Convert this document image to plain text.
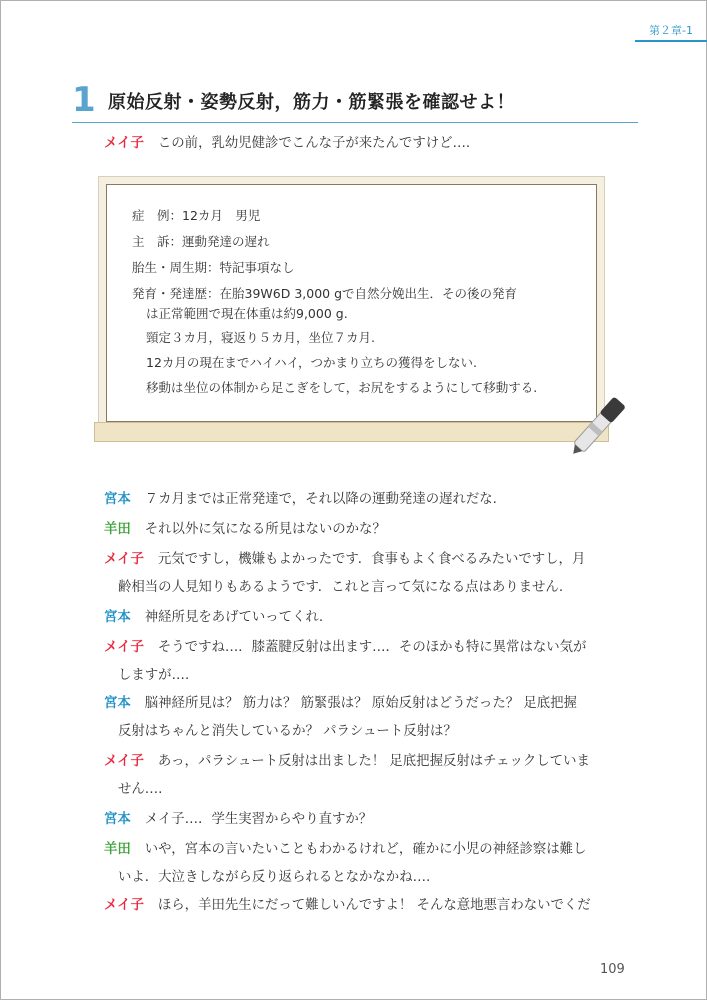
第２章-1
1 原始反射・姿勢反射，筋力・筋緊張を確認せよ！
メイ子 この前，乳幼児健診でこんな子が来たんですけど….
症　例：12カ月　男児
主　訴：運動発達の遅れ
胎生・周生期：特記事項なし
発育・発達歴：在胎39W6D 3,000 gで自然分娩出生．その後の発育
は正常範囲で現在体重は約9,000 g.
頸定３カ月，寝返り５カ月，坐位７カ月.
12カ月の現在までハイハイ，つかまり立ちの獲得をしない.
移動は坐位の体制から足こぎをして，お尻をするようにして移動する.
宮本 ７カ月までは正常発達で，それ以降の運動発達の遅れだな.
羊田 それ以外に気になる所見はないのかな？
メイ子 元気ですし，機嫌もよかったです．食事もよく食べるみたいですし，月
齢相当の人見知りもあるようです．これと言って気になる点はありません.
宮本 神経所見をあげていってくれ.
メイ子 そうですね…．膝蓋腱反射は出ます…．そのほかも特に異常はない気が
しますが….
宮本 脳神経所見は？ 筋力は？ 筋緊張は？ 原始反射はどうだった？ 足底把握
反射はちゃんと消失しているか？ パラシュート反射は？
メイ子 あっ，パラシュート反射は出ました！ 足底把握反射はチェックしていま
せん….
宮本 メイ子…．学生実習からやり直すか？
羊田 いや，宮本の言いたいこともわかるけれど，確かに小児の神経診察は難し
いよ．大泣きしながら反り返られるとなかなかね….
メイ子 ほら，羊田先生にだって難しいんですよ！ そんな意地悪言わないでくだ
109
